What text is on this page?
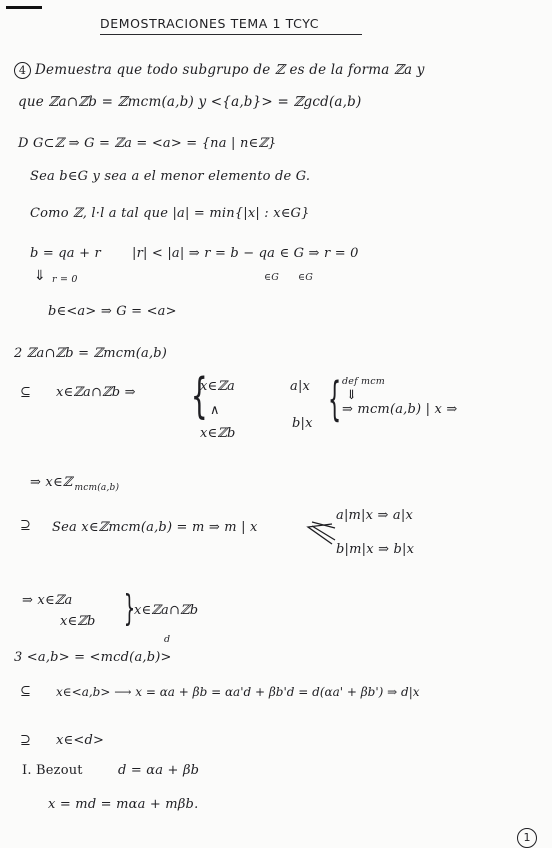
DEMOSTRACIONES TEMA 1 TCYC
4 Demuestra que todo subgrupo de ℤ es de la forma ℤa y
que ℤa∩ℤb = ℤmcm(a,b) y <{a,b}> = ℤgcd(a,b)
D G⊂ℤ ⇒ G = ℤa = <a> = {na | n∈ℤ}
Sea b∈G y sea a el menor elemento de G.
Como ℤ, l·l a tal que |a| = min{|x| : x∈G}
b = qa + r |r| < |a| ⇒ r = b − qa ∈ G ⇒ r = 0
∈G ∈G
⇓ r = 0
b∈<a> ⇒ G = <a>
2 ℤa∩ℤb = ℤmcm(a,b)
⊆ x∈ℤa∩ℤb ⇒ {
x∈ℤa
∧
x∈ℤb
a|x
b|x { def mcm
⇓
⇒ mcm(a,b) | x ⇒
⇒ x∈ℤ $_{mcm(a,b)}$
⊇ Sea x∈ℤmcm(a,b) = m ⇒ m | x
a|m|x ⇒ a|x
b|m|x ⇒ b|x
⇒ x∈ℤa
x∈ℤb }
x∈ℤa∩ℤb
d
3 <a,b> = <mcd(a,b)>
⊆ x∈<a,b> ⟶ x = αa + βb = αa'd + βb'd = d(αa' + βb') ⇒ d|x
⊇ x∈<d>
I. Bezout	d = αa + βb
x = md = mαa + mβb.
1
